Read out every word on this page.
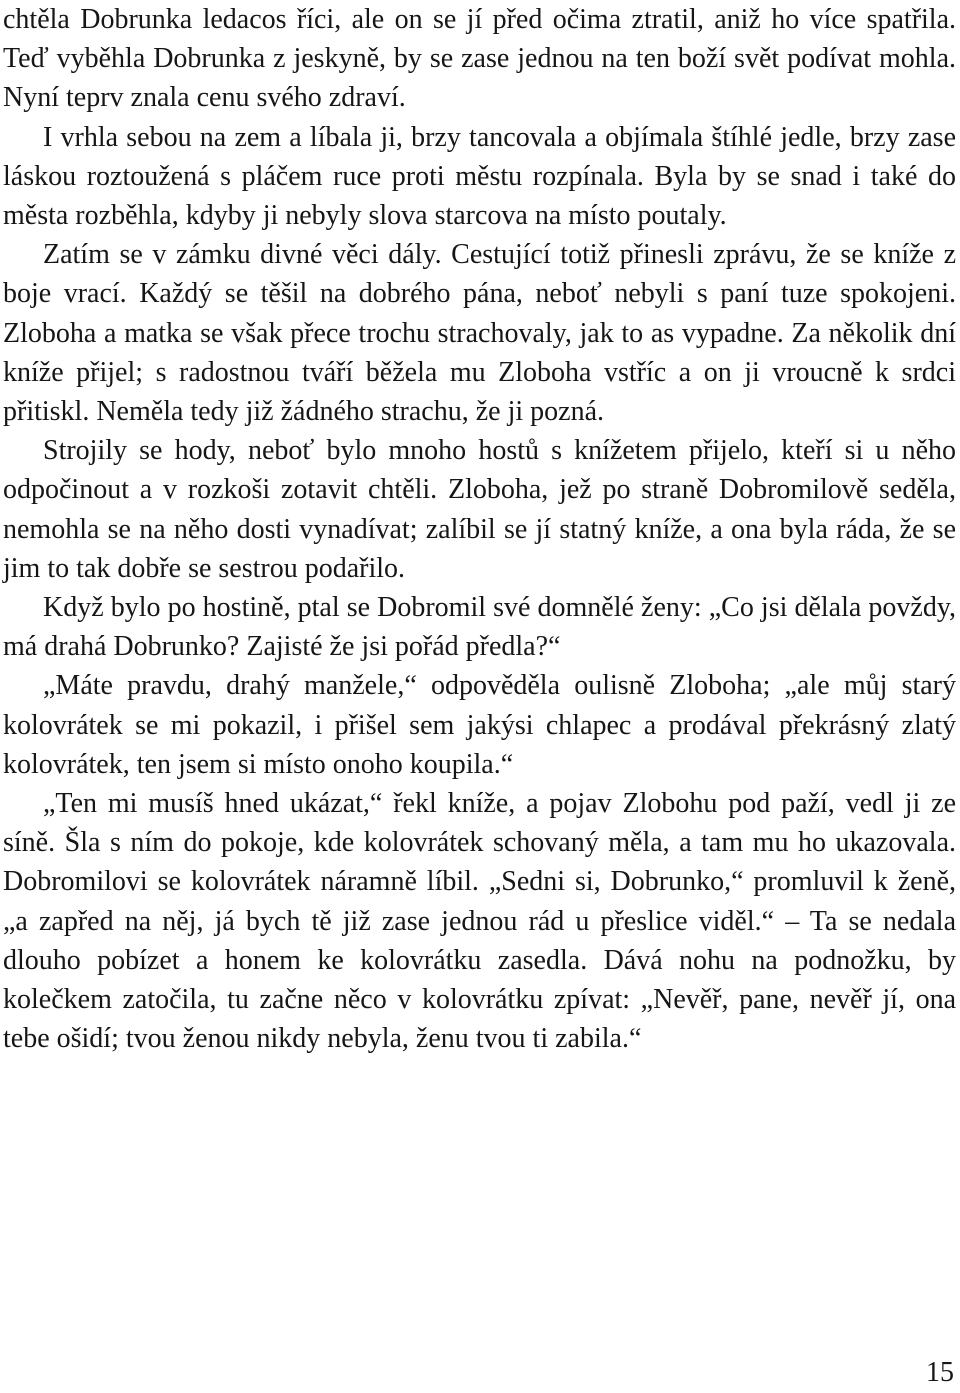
chtěla Dobrunka ledacos říci, ale on se jí před očima ztratil, aniž ho více spatřila. Teď vyběhla Dobrunka z jeskyně, by se zase jednou na ten boží svět podívat mohla. Nyní teprv znala cenu svého zdraví.

I vrhla sebou na zem a líbala ji, brzy tancovala a objímala štíhlé jedle, brzy zase láskou roztoužená s pláčem ruce proti městu rozpínala. Byla by se snad i také do města rozběhla, kdyby ji nebyly slova starcova na místo poutaly.

Zatím se v zámku divné věci dály. Cestující totiž přinesli zprávu, že se kníže z boje vrací. Každý se těšil na dobrého pána, neboť nebyli s paní tuze spokojeni. Zloboha a matka se však přece trochu strachovaly, jak to as vypadne. Za několik dní kníže přijel; s radostnou tváří běžela mu Zloboha vstříc a on ji vroucně k srdci přitiskl. Neměla tedy již žádného strachu, že ji pozná.

Strojily se hody, neboť bylo mnoho hostů s knížetem přijelo, kteří si u něho odpočinout a v rozkoši zotavit chtěli. Zloboha, jež po straně Dobromilově seděla, nemohla se na něho dosti vynadívat; zalíbil se jí statný kníže, a ona byla ráda, že se jim to tak dobře se sestrou podařilo.

Když bylo po hostině, ptal se Dobromil své domnělé ženy: „Co jsi dělala povždy, má drahá Dobrunko? Zajisté že jsi pořád předla?“

„Máte pravdu, drahý manželе,“ odpověděla oulisně Zloboha; „ale můj starý kolovrátek se mi pokazil, i přišel sem jakýsi chlapec a prodával překrásný zlatý kolovrátek, ten jsem si místo onoho koupila.“

„Ten mi musíš hned ukázat,“ řekl kníže, a pojav Zlobohu pod paží, vedl ji ze síně. Šla s ním do pokoje, kde kolovrátek schovaný měla, a tam mu ho ukazovala. Dobromilovi se kolovrátek náramně líbil. „Sedni si, Dobrunko,“ promluvil k ženě, „a zapřed na něj, já bych tě již zase jednou rád u přeslice viděl.“ – Ta se nedala dlouho pobízet a honem ke kolovrátku zasedla. Dává nohu na podnožku, by kolečkem zatočila, tu začne něco v kolovrátku zpívat: „Nevěř, pane, nevěř jí, ona tebe ošidí; tvou ženou nikdy nebyla, ženu tvou ti zabila.“

15
